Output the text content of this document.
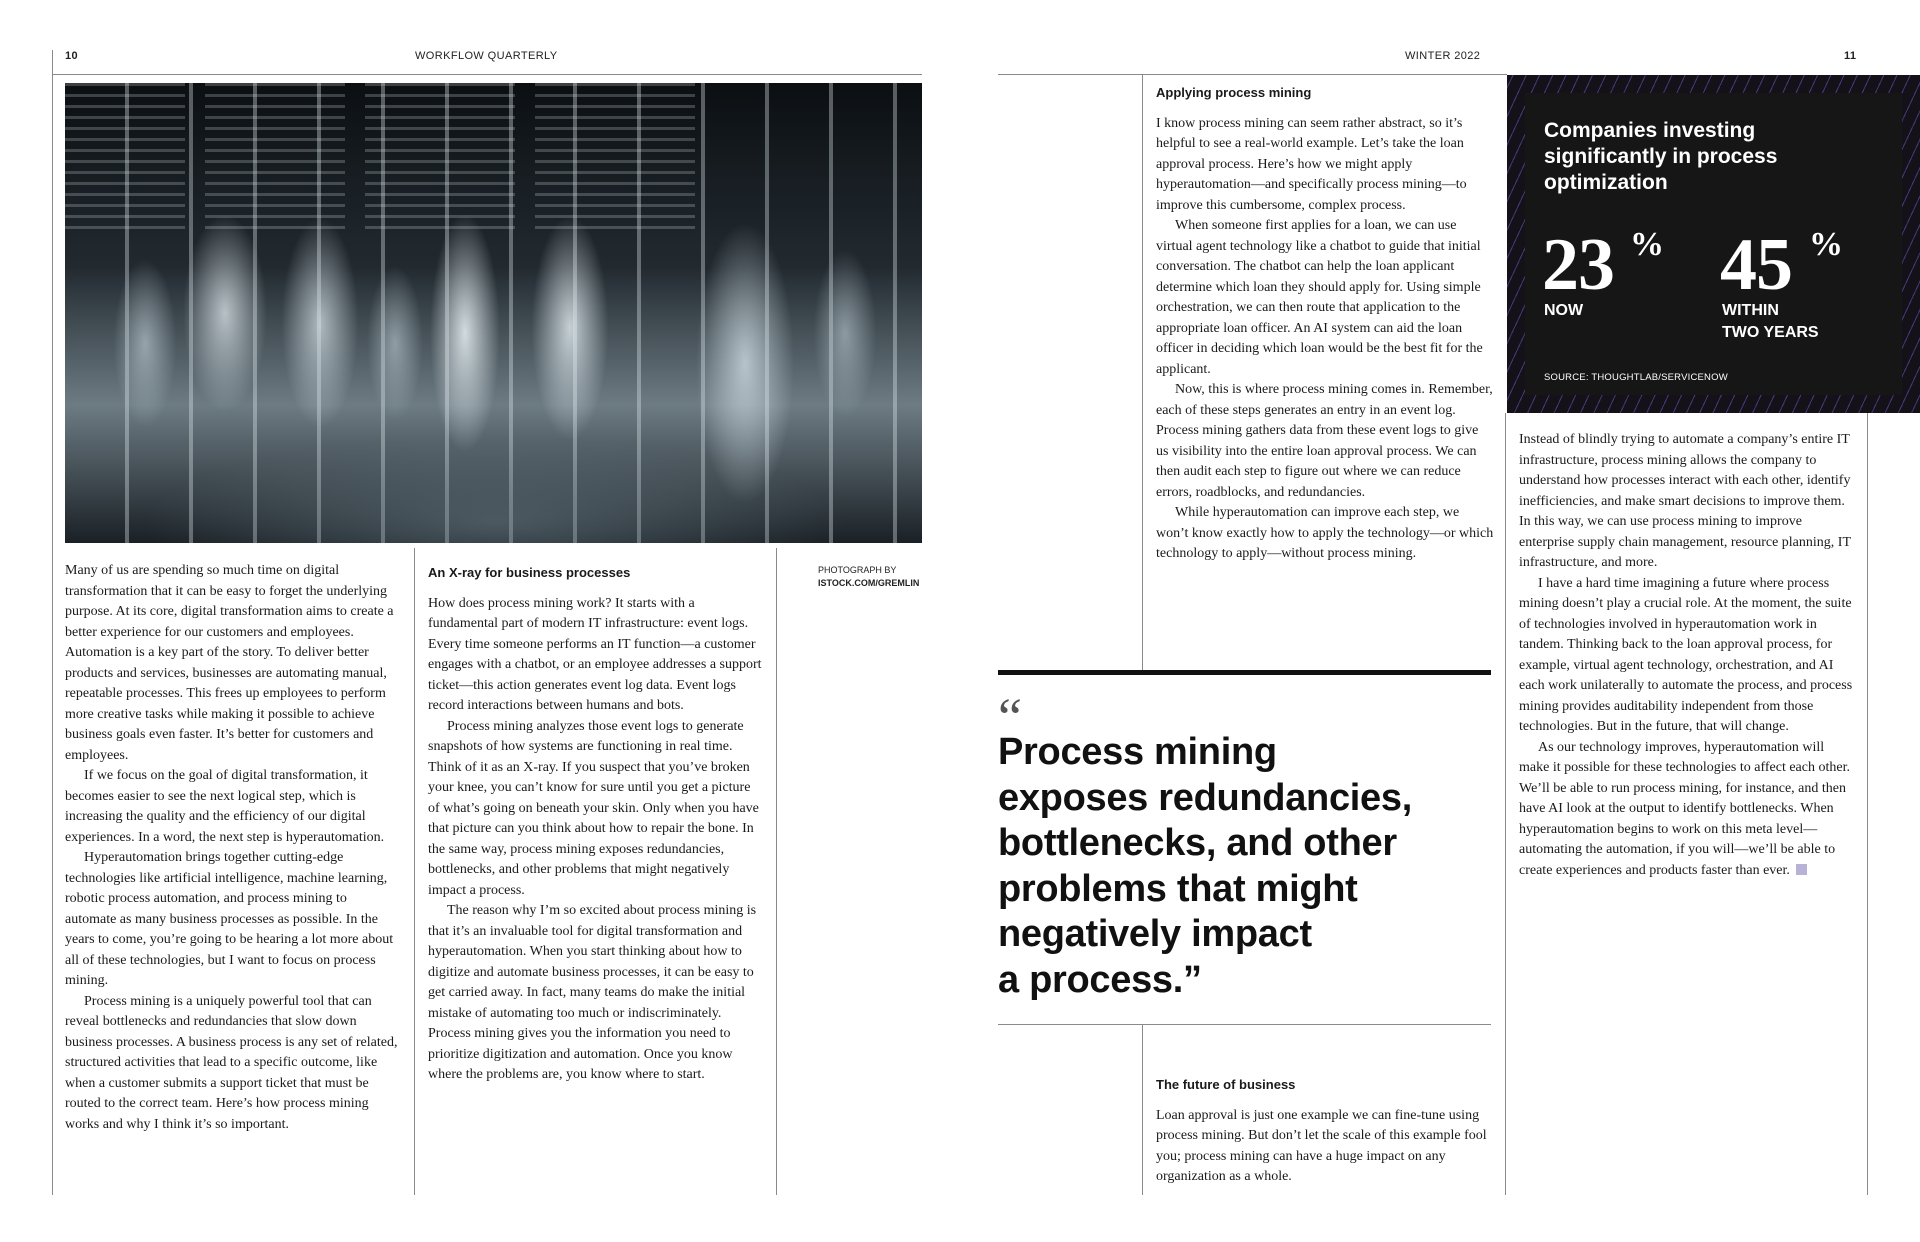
10	WORKFLOW QUARTERLY	WINTER 2022	11
PHOTOGRAPH BY
ISTOCK.COM/GREMLIN

Many of us are spending so much time on digital transformation that it can be easy to forget the underlying purpose. At its core, digital transformation aims to create a better experience for our customers and employees. Automation is a key part of the story. To deliver better products and services, businesses are automating manual, repeatable processes. This frees up employees to perform more creative tasks while making it possible to achieve business goals even faster. It’s better for customers and employees.

If we focus on the goal of digital transformation, it becomes easier to see the next logical step, which is increasing the quality and the efficiency of our digital experiences. In a word, the next step is hyperautomation.

Hyperautomation brings together cutting-edge technologies like artificial intelligence, machine learning, robotic process automation, and process mining to automate as many business processes as possible. In the years to come, you’re going to be hearing a lot more about all of these technologies, but I want to focus on process mining.

Process mining is a uniquely powerful tool that can reveal bottlenecks and redundancies that slow down business processes. A business process is any set of related, structured activities that lead to a specific outcome, like when a customer submits a support ticket that must be routed to the correct team. Here’s how process mining works and why I think it’s so important.

An X-ray for business processes

How does process mining work? It starts with a fundamental part of modern IT infrastructure: event logs. Every time someone performs an IT function—a customer engages with a chatbot, or an employee addresses a support ticket—this action generates event log data. Event logs record interactions between humans and bots.

Process mining analyzes those event logs to generate snapshots of how systems are functioning in real time. Think of it as an X-ray. If you suspect that you’ve broken your knee, you can’t know for sure until you get a picture of what’s going on beneath your skin. Only when you have that picture can you think about how to repair the bone. In the same way, process mining exposes redundancies, bottlenecks, and other problems that might negatively impact a process.

The reason why I’m so excited about process mining is that it’s an invaluable tool for digital transformation and hyperautomation. When you start thinking about how to digitize and automate business processes, it can be easy to get carried away. In fact, many teams do make the initial mistake of automating too much or indiscriminately. Process mining gives you the information you need to prioritize digitization and automation. Once you know where the problems are, you know where to start.

Applying process mining

I know process mining can seem rather abstract, so it’s helpful to see a real-world example. Let’s take the loan approval process. Here’s how we might apply hyperautomation—and specifically process mining—to improve this cumbersome, complex process.

When someone first applies for a loan, we can use virtual agent technology like a chatbot to guide that initial conversation. The chatbot can help the loan applicant determine which loan they should apply for. Using simple orchestration, we can then route that application to the appropriate loan officer. An AI system can aid the loan officer in deciding which loan would be the best fit for the applicant.

Now, this is where process mining comes in. Remember, each of these steps generates an entry in an event log. Process mining gathers data from these event logs to give us visibility into the entire loan approval process. We can then audit each step to figure out where we can reduce errors, roadblocks, and redundancies.

While hyperautomation can improve each step, we won’t know exactly how to apply the technology—or which technology to apply—without process mining.

“
Process mining
exposes redundancies,
bottlenecks, and other
problems that might
negatively impact
a process.”
The future of business

Loan approval is just one example we can fine-tune using process mining. But don’t let the scale of this example fool you; process mining can have a huge impact on any organization as a whole.

Companies investing significantly in process optimization
23 %
NOW
45 %
WITHIN
TWO YEARS
SOURCE: THOUGHTLAB/SERVICENOW

Instead of blindly trying to automate a company’s entire IT infrastructure, process mining allows the company to understand how processes interact with each other, identify inefficiencies, and make smart decisions to improve them. In this way, we can use process mining to improve enterprise supply chain management, resource planning, IT infrastructure, and more.

I have a hard time imagining a future where process mining doesn’t play a crucial role. At the moment, the suite of technologies involved in hyperautomation work in tandem. Thinking back to the loan approval process, for example, virtual agent technology, orchestration, and AI each work unilaterally to automate the process, and process mining provides auditability independent from those technologies. But in the future, that will change.

As our technology improves, hyperautomation will make it possible for these technologies to affect each other. We’ll be able to run process mining, for instance, and then have AI look at the output to identify bottlenecks. When hyperautomation begins to work on this meta level—automating the automation, if you will—we’ll be able to create experiences and products faster than ever.
